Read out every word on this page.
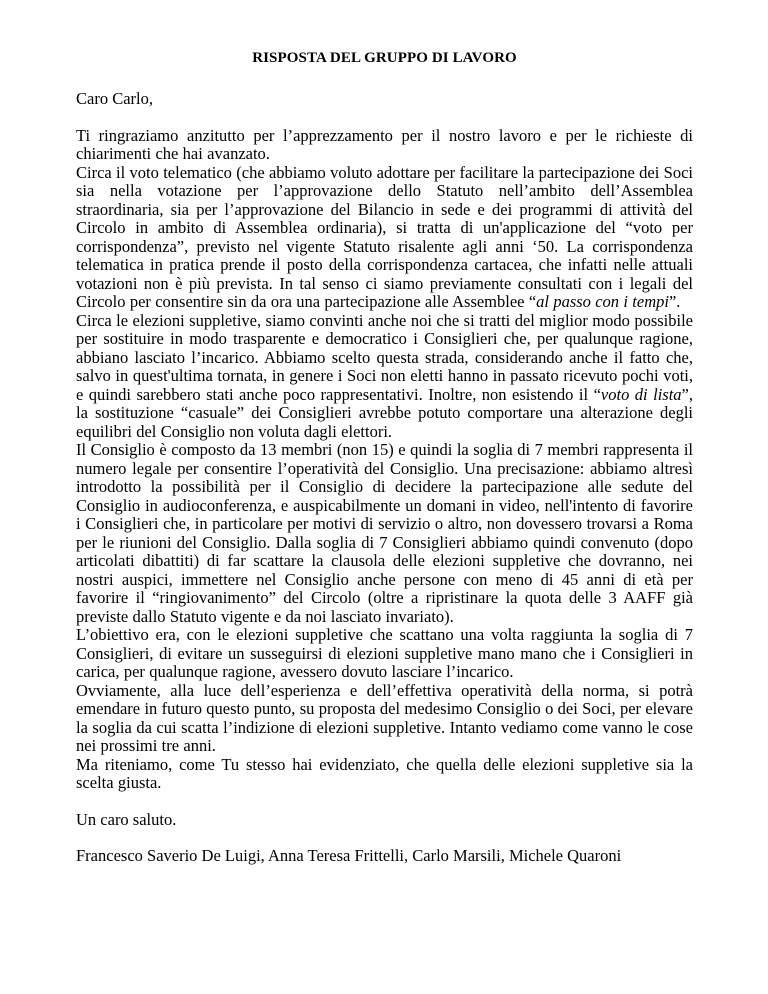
RISPOSTA DEL GRUPPO DI LAVORO
Caro Carlo,

Ti ringraziamo anzitutto per l’apprezzamento per il nostro lavoro e per le richieste di chiarimenti che hai avanzato.

Circa il voto telematico (che abbiamo voluto adottare per facilitare la partecipazione dei Soci sia nella votazione per l’approvazione dello Statuto nell’ambito dell’Assemblea straordinaria, sia per l’approvazione del Bilancio in sede e dei programmi di attività del Circolo in ambito di Assemblea ordinaria), si tratta di un'applicazione del “voto per corrispondenza”, previsto nel vigente Statuto risalente agli anni ‘50. La corrispondenza telematica in pratica prende il posto della corrispondenza cartacea, che infatti nelle attuali votazioni non è più prevista. In tal senso ci siamo previamente consultati con i legali del Circolo per consentire sin da ora una partecipazione alle Assemblee “al passo con i tempi”.

Circa le elezioni suppletive, siamo convinti anche noi che si tratti del miglior modo possibile per sostituire in modo trasparente e democratico i Consiglieri che, per qualunque ragione, abbiano lasciato l’incarico. Abbiamo scelto questa strada, considerando anche il fatto che, salvo in quest'ultima tornata, in genere i Soci non eletti hanno in passato ricevuto pochi voti, e quindi sarebbero stati anche poco rappresentativi. Inoltre, non esistendo il “voto di lista”, la sostituzione “casuale” dei Consiglieri avrebbe potuto comportare una alterazione degli equilibri del Consiglio non voluta dagli elettori.

Il Consiglio è composto da 13 membri (non 15) e quindi la soglia di 7 membri rappresenta il numero legale per consentire l’operatività del Consiglio. Una precisazione: abbiamo altresì introdotto la possibilità per il Consiglio di decidere la partecipazione alle sedute del Consiglio in audioconferenza, e auspicabilmente un domani in video, nell'intento di favorire i Consiglieri che, in particolare per motivi di servizio o altro, non dovessero trovarsi a Roma per le riunioni del Consiglio. Dalla soglia di 7 Consiglieri abbiamo quindi convenuto (dopo articolati dibattiti) di far scattare la clausola delle elezioni suppletive che dovranno, nei nostri auspici, immettere nel Consiglio anche persone con meno di 45 anni di età per favorire il “ringiovanimento” del Circolo (oltre a ripristinare la quota delle 3 AAFF già previste dallo Statuto vigente e da noi lasciato invariato).

L’obiettivo era, con le elezioni suppletive che scattano una volta raggiunta la soglia di 7 Consiglieri, di evitare un susseguirsi di elezioni suppletive mano mano che i Consiglieri in carica, per qualunque ragione, avessero dovuto lasciare l’incarico.

Ovviamente, alla luce dell’esperienza e dell’effettiva operatività della norma, si potrà emendare in futuro questo punto, su proposta del medesimo Consiglio o dei Soci, per elevare la soglia da cui scatta l’indizione di elezioni suppletive. Intanto vediamo come vanno le cose nei prossimi tre anni.

Ma riteniamo, come Tu stesso hai evidenziato, che quella delle elezioni suppletive sia la scelta giusta.

Un caro saluto.
Francesco Saverio De Luigi, Anna Teresa Frittelli, Carlo Marsili, Michele Quaroni
